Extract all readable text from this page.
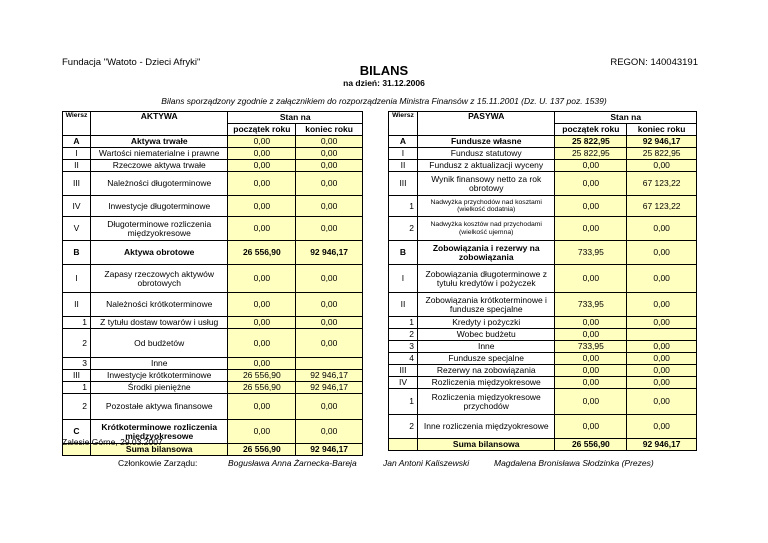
Fundacja "Watoto - Dzieci Afryki"	REGON: 140043191
BILANS
na dzień: 31.12.2006
Bilans sporządzony zgodnie z załącznikiem do rozporządzenia Ministra Finansów z 15.11.2001 (Dz. U. 137 poz. 1539)
Wiersz	AKTYWA	Stan na	
		początek roku	koniec roku
A	Aktywa trwałe	0,00	0,00
I	Wartości niematerialne i prawne	0,00	0,00
II	Rzeczowe aktywa trwałe	0,00	0,00
III	Należności długoterminowe	0,00	0,00
IV	Inwestycje długoterminowe	0,00	0,00
V	Długoterminowe rozliczenia międzyokresowe	0,00	0,00
B	Aktywa obrotowe	26 556,90	92 946,17
I	Zapasy rzeczowych aktywów obrotowych	0,00	0,00
II	Należności krótkoterminowe	0,00	0,00
1	Z tytułu dostaw towarów i usług	0,00	0,00
2	Od budżetów	0,00	0,00
3	Inne	0,00	
III	Inwestycje krótkoterminowe	26 556,90	92 946,17
1	Środki pieniężne	26 556,90	92 946,17
2	Pozostałe aktywa finansowe	0,00	0,00
C	Krótkoterminowe rozliczenia międzyokresowe	0,00	0,00
	Suma bilansowa	26 556,90	92 946,17
Wiersz	PASYWA	Stan na	
		początek roku	koniec roku
A	Fundusze własne	25 822,95	92 946,17
I	Fundusz statutowy	25 822,95	25 822,95
II	Fundusz z aktualizacji wyceny	0,00	0,00
III	Wynik finansowy netto za rok obrotowy	0,00	67 123,22
1	Nadwyżka przychodów nad kosztami (wielkość dodatnia)	0,00	67 123,22
2	Nadwyżka kosztów nad przychodami (wielkość ujemna)	0,00	0,00
B	Zobowiązania i rezerwy na zobowiązania	733,95	0,00
I	Zobowiązania długoterminowe z tytułu kredytów i pożyczek	0,00	0,00
II	Zobowiązania krótkoterminowe i fundusze specjalne	733,95	0,00
1	Kredyty i pożyczki	0,00	0,00
2	Wobec budżetu	0,00	
3	Inne	733,95	0,00
4	Fundusze specjalne	0,00	0,00
III	Rezerwy na zobowiązania	0,00	0,00
IV	Rozliczenia międzyokresowe	0,00	0,00
1	Rozliczenia międzyokresowe przychodów	0,00	0,00
2	Inne rozliczenia międzyokresowe	0,00	0,00
	Suma bilansowa	26 556,90	92 946,17
Zalesie Górne, 29.03.2007
Członkowie Zarządu:	Bogusława Anna Żarnecka-Bareja	Jan Antoni Kaliszewski	Magdalena Bronisława Słodzinka (Prezes)
